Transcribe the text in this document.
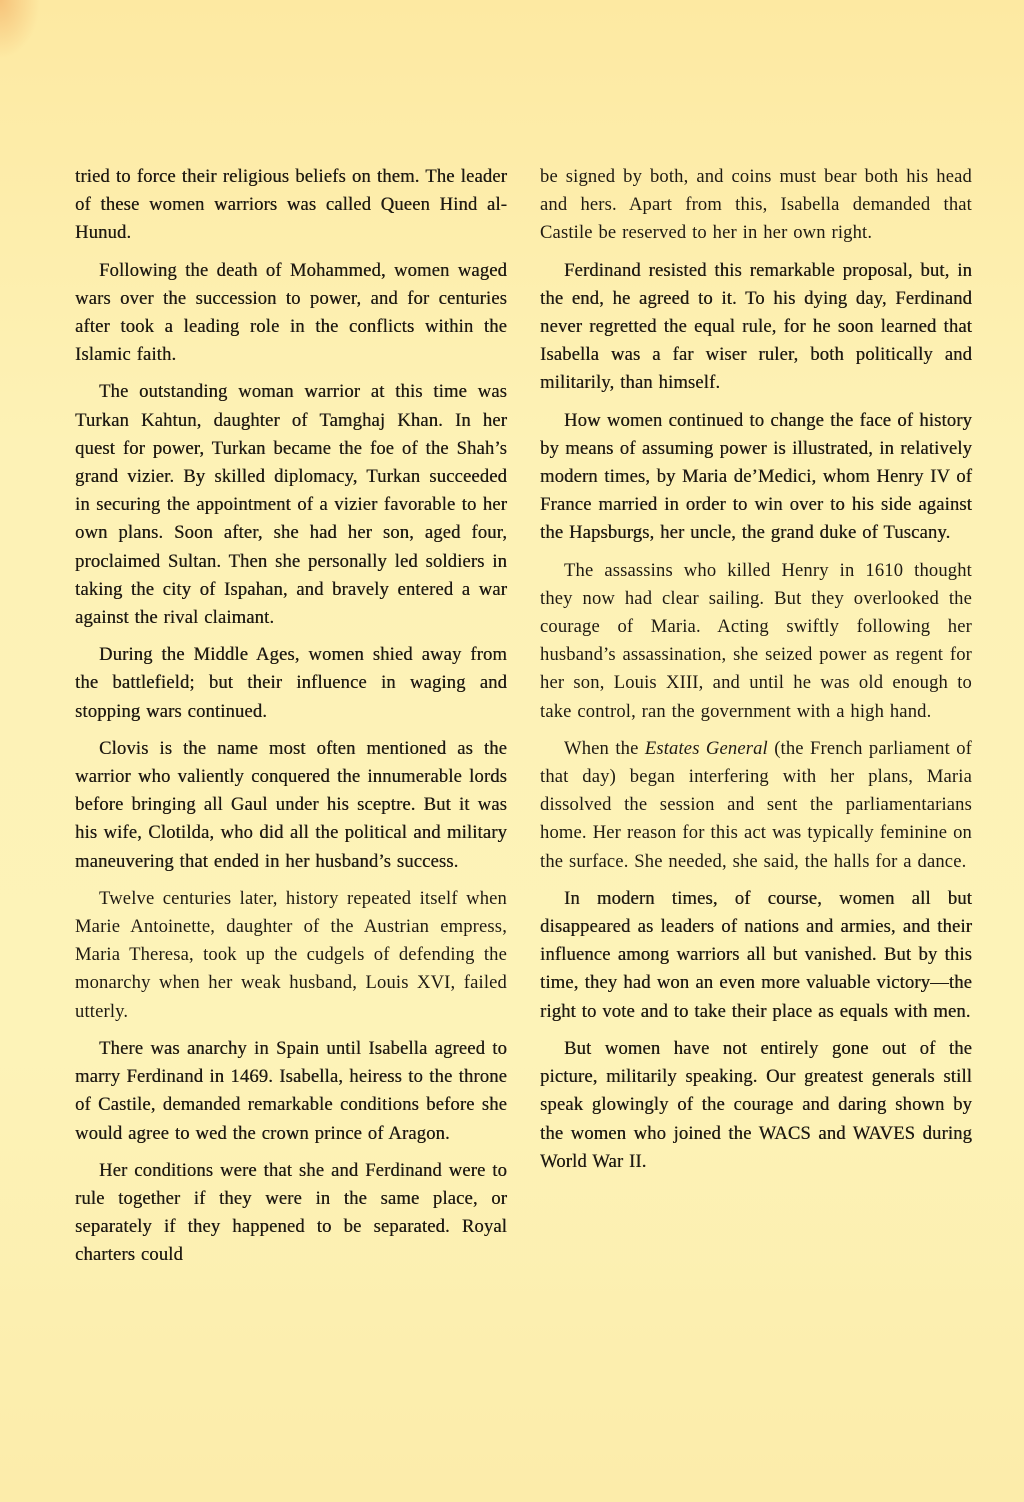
tried to force their religious beliefs on them. The leader of these women warriors was called Queen Hind al-Hunud.

Following the death of Mohammed, women waged wars over the succession to power, and for centuries after took a leading role in the conflicts within the Islamic faith.

The outstanding woman warrior at this time was Turkan Kahtun, daughter of Tamghaj Khan. In her quest for power, Turkan became the foe of the Shah’s grand vizier. By skilled diplomacy, Turkan succeeded in securing the appointment of a vizier favorable to her own plans. Soon after, she had her son, aged four, proclaimed Sultan. Then she personally led soldiers in taking the city of Ispahan, and bravely entered a war against the rival claimant.

During the Middle Ages, women shied away from the battlefield; but their influence in waging and stopping wars continued.

Clovis is the name most often mentioned as the warrior who valiently conquered the innumerable lords before bringing all Gaul under his sceptre. But it was his wife, Clotilda, who did all the political and military maneuvering that ended in her husband’s success.

Twelve centuries later, history repeated itself when Marie Antoinette, daughter of the Austrian empress, Maria Theresa, took up the cudgels of defending the monarchy when her weak husband, Louis XVI, failed utterly.

There was anarchy in Spain until Isabella agreed to marry Ferdinand in 1469. Isabella, heiress to the throne of Castile, demanded remarkable conditions before she would agree to wed the crown prince of Aragon.

Her conditions were that she and Ferdinand were to rule together if they were in the same place, or separately if they happened to be separated. Royal charters could

be signed by both, and coins must bear both his head and hers. Apart from this, Isabella demanded that Castile be reserved to her in her own right.

Ferdinand resisted this remarkable proposal, but, in the end, he agreed to it. To his dying day, Ferdinand never regretted the equal rule, for he soon learned that Isabella was a far wiser ruler, both politically and militarily, than himself.

How women continued to change the face of history by means of assuming power is illustrated, in relatively modern times, by Maria de’Medici, whom Henry IV of France married in order to win over to his side against the Hapsburgs, her uncle, the grand duke of Tuscany.

The assassins who killed Henry in 1610 thought they now had clear sailing. But they overlooked the courage of Maria. Acting swiftly following her husband’s assassination, she seized power as regent for her son, Louis XIII, and until he was old enough to take control, ran the government with a high hand.

When the Estates General (the French parliament of that day) began interfering with her plans, Maria dissolved the session and sent the parliamentarians home. Her reason for this act was typically feminine on the surface. She needed, she said, the halls for a dance.

In modern times, of course, women all but disappeared as leaders of nations and armies, and their influence among warriors all but vanished. But by this time, they had won an even more valuable victory—the right to vote and to take their place as equals with men.

But women have not entirely gone out of the picture, militarily speaking. Our greatest generals still speak glowingly of the courage and daring shown by the women who joined the WACS and WAVES during World War II.
